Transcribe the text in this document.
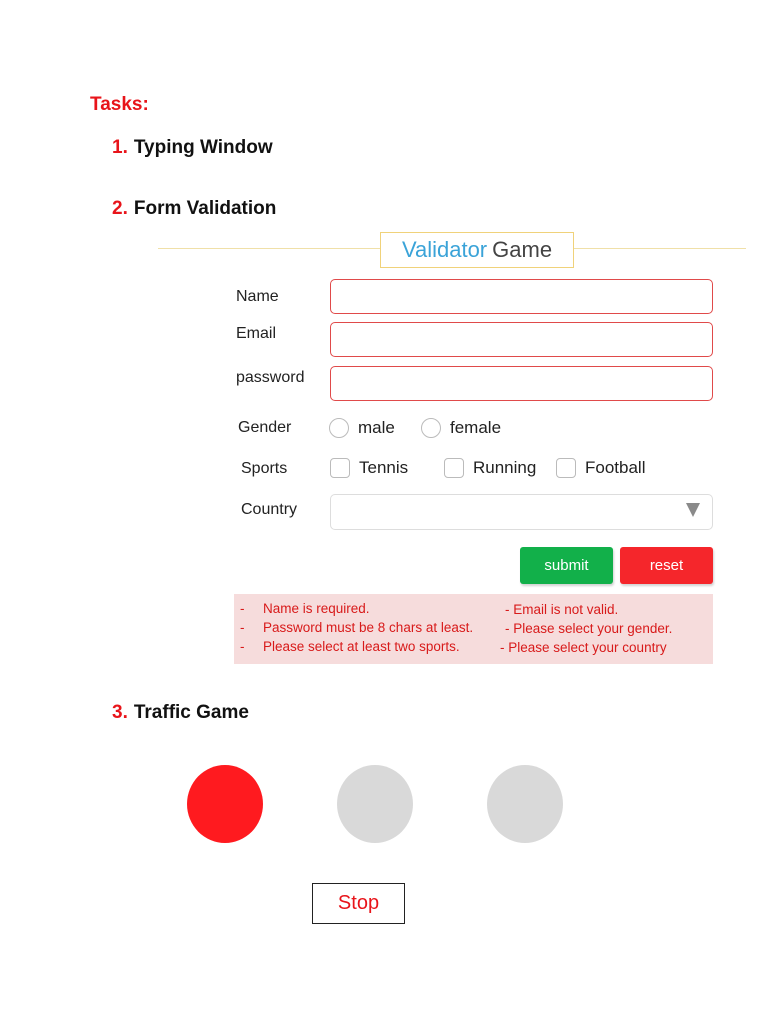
Tasks:
1. Typing Window
2. Form Validation
Validator Game
Name
Email
password
Gender	male	female
Sports	Tennis	Running	Football
Country
submit	reset
- Name is required.
- Password must be 8 chars at least.
- Please select at least two sports.
- Email is not valid.
- Please select your gender.
- Please select your country
3. Traffic Game
Stop
